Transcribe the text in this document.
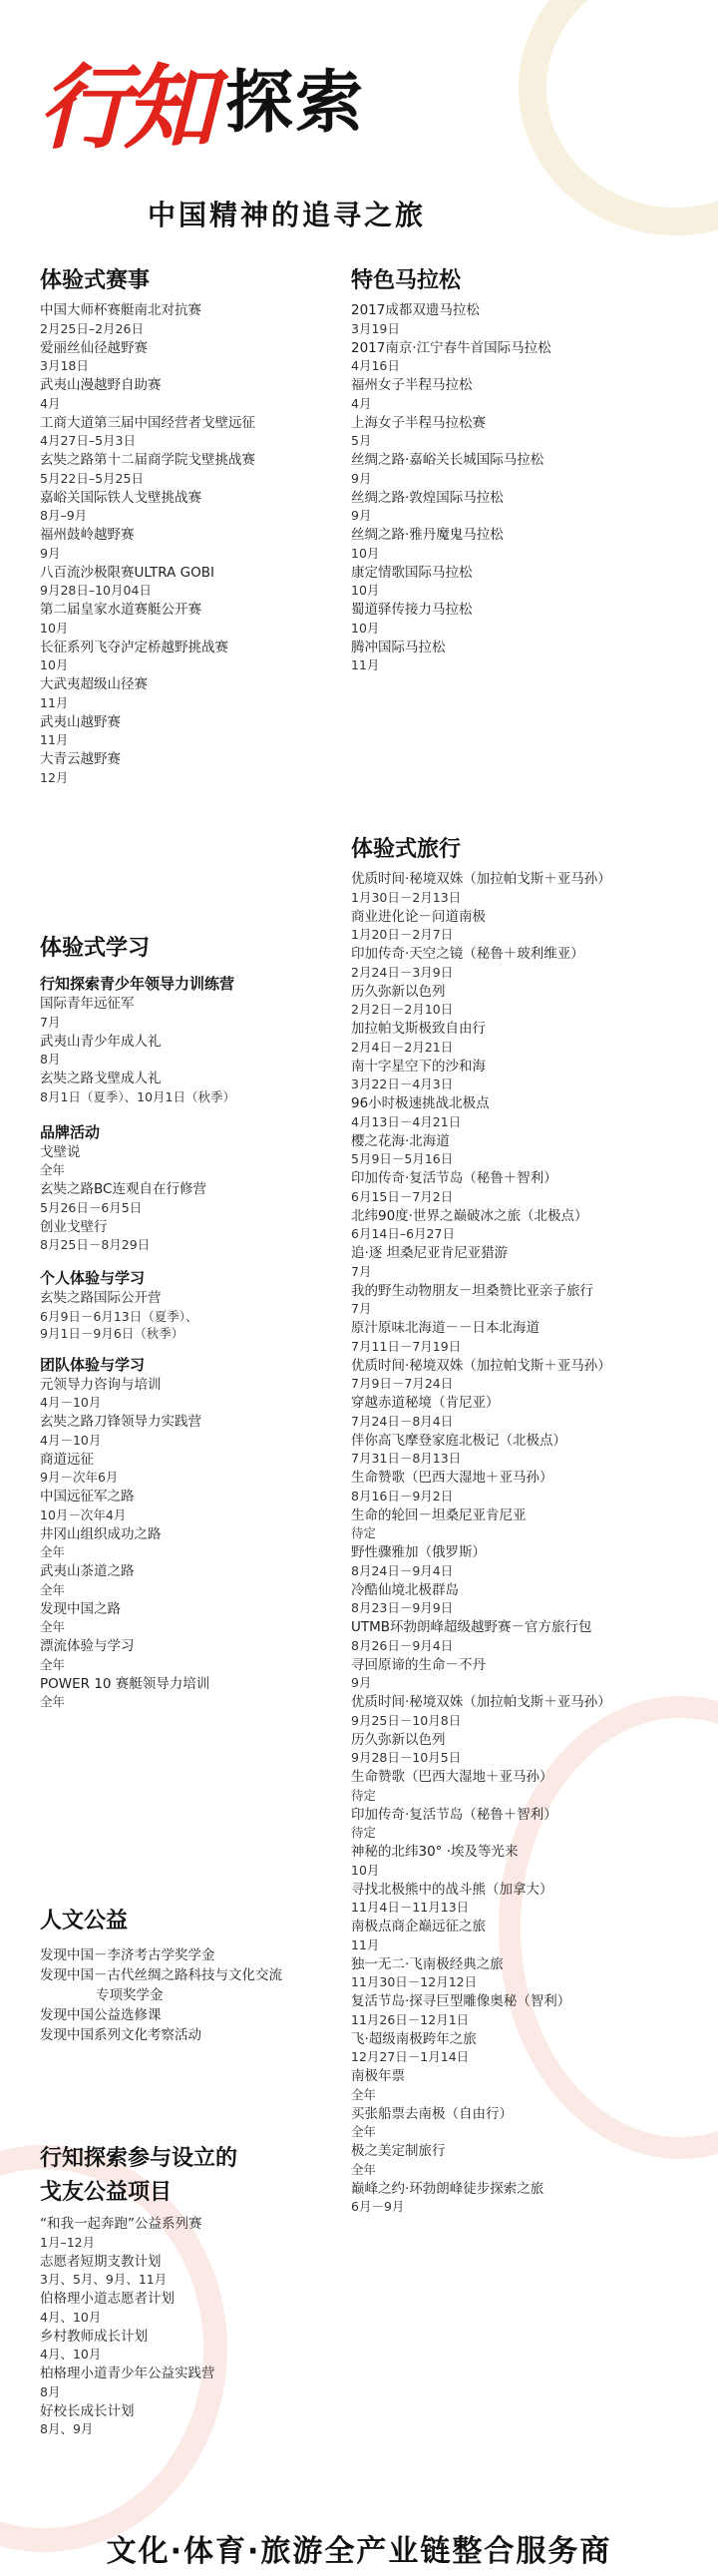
行知 探索
中国精神的追寻之旅
体验式赛事
中国大师杯赛艇南北对抗赛
2月25日–2月26日
爱丽丝仙径越野赛
3月18日
武夷山漫越野自助赛
4月
工商大道第三届中国经营者戈壁远征
4月27日–5月3日
玄奘之路第十二届商学院戈壁挑战赛
5月22日–5月25日
嘉峪关国际铁人戈壁挑战赛
8月–9月
福州鼓岭越野赛
9月
八百流沙极限赛ULTRA GOBI
9月28日–10月04日
第二届皇家水道赛艇公开赛
10月
长征系列飞夺泸定桥越野挑战赛
10月
大武夷超级山径赛
11月
武夷山越野赛
11月
大青云越野赛
12月
体验式学习
行知探索青少年领导力训练营
国际青年远征军
7月
武夷山青少年成人礼
8月
玄奘之路戈壁成人礼
8月1日（夏季）、10月1日（秋季）
品牌活动
戈壁说
全年
玄奘之路BC连观自在行修营
5月26日－6月5日
创业戈壁行
8月25日－8月29日
个人体验与学习
玄奘之路国际公开营
6月9日－6月13日（夏季）、
9月1日－9月6日（秋季）
团队体验与学习
元领导力咨询与培训
4月－10月
玄奘之路刀锋领导力实践营
4月－10月
商道远征
9月－次年6月
中国远征军之路
10月－次年4月
井冈山组织成功之路
全年
武夷山茶道之路
全年
发现中国之路
全年
漂流体验与学习
全年
POWER 10 赛艇领导力培训
全年
人文公益
发现中国－李济考古学奖学金
发现中国－古代丝绸之路科技与文化交流
专项奖学金
发现中国公益选修课
发现中国系列文化考察活动
行知探索参与设立的
戈友公益项目
“和我一起奔跑”公益系列赛
1月–12月
志愿者短期支教计划
3月、5月、9月、11月
伯格理小道志愿者计划
4月、10月
乡村教师成长计划
4月、10月
柏格理小道青少年公益实践营
8月
好校长成长计划
8月、9月
特色马拉松
2017成都双遗马拉松
3月19日
2017南京·江宁春牛首国际马拉松
4月16日
福州女子半程马拉松
4月
上海女子半程马拉松赛
5月
丝绸之路·嘉峪关长城国际马拉松
9月
丝绸之路·敦煌国际马拉松
9月
丝绸之路·雅丹魔鬼马拉松
10月
康定情歌国际马拉松
10月
蜀道驿传接力马拉松
10月
腾冲国际马拉松
11月
体验式旅行
优质时间·秘境双姝（加拉帕戈斯＋亚马孙）
1月30日－2月13日
商业进化论－问道南极
1月20日－2月7日
印加传奇·天空之镜（秘鲁＋玻利维亚）
2月24日－3月9日
历久弥新以色列
2月2日－2月10日
加拉帕戈斯极致自由行
2月4日－2月21日
南十字星空下的沙和海
3月22日－4月3日
96小时极速挑战北极点
4月13日－4月21日
樱之花海·北海道
5月9日－5月16日
印加传奇·复活节岛（秘鲁＋智利）
6月15日－7月2日
北纬90度·世界之巅破冰之旅（北极点）
6月14日–6月27日
追·逐 坦桑尼亚肯尼亚猎游
7月
我的野生动物朋友－坦桑赞比亚亲子旅行
7月
原汁原味北海道－－日本北海道
7月11日－7月19日
优质时间·秘境双姝（加拉帕戈斯＋亚马孙）
7月9日－7月24日
穿越赤道秘境（肯尼亚）
7月24日－8月4日
伴你高飞摩登家庭北极记（北极点）
7月31日－8月13日
生命赞歌（巴西大湿地＋亚马孙）
8月16日－9月2日
生命的轮回－坦桑尼亚肯尼亚
待定
野性骤雅加（俄罗斯）
8月24日－9月4日
冷酷仙境北极群岛
8月23日－9月9日
UTMB环勃朗峰超级越野赛－官方旅行包
8月26日－9月4日
寻回原谛的生命－不丹
9月
优质时间·秘境双姝（加拉帕戈斯＋亚马孙）
9月25日－10月8日
历久弥新以色列
9月28日－10月5日
生命赞歌（巴西大湿地＋亚马孙）
待定
印加传奇·复活节岛（秘鲁＋智利）
待定
神秘的北纬30° ·埃及等光来
10月
寻找北极熊中的战斗熊（加拿大）
11月4日－11月13日
南极点商企巅远征之旅
11月
独一无二·飞南极经典之旅
11月30日－12月12日
复活节岛·探寻巨型雕像奥秘（智利）
11月26日－12月1日
飞·超级南极跨年之旅
12月27日－1月14日
南极年票
全年
买张船票去南极（自由行）
全年
极之美定制旅行
全年
巅峰之约·环勃朗峰徒步探索之旅
6月－9月
文化·体育·旅游全产业链整合服务商
